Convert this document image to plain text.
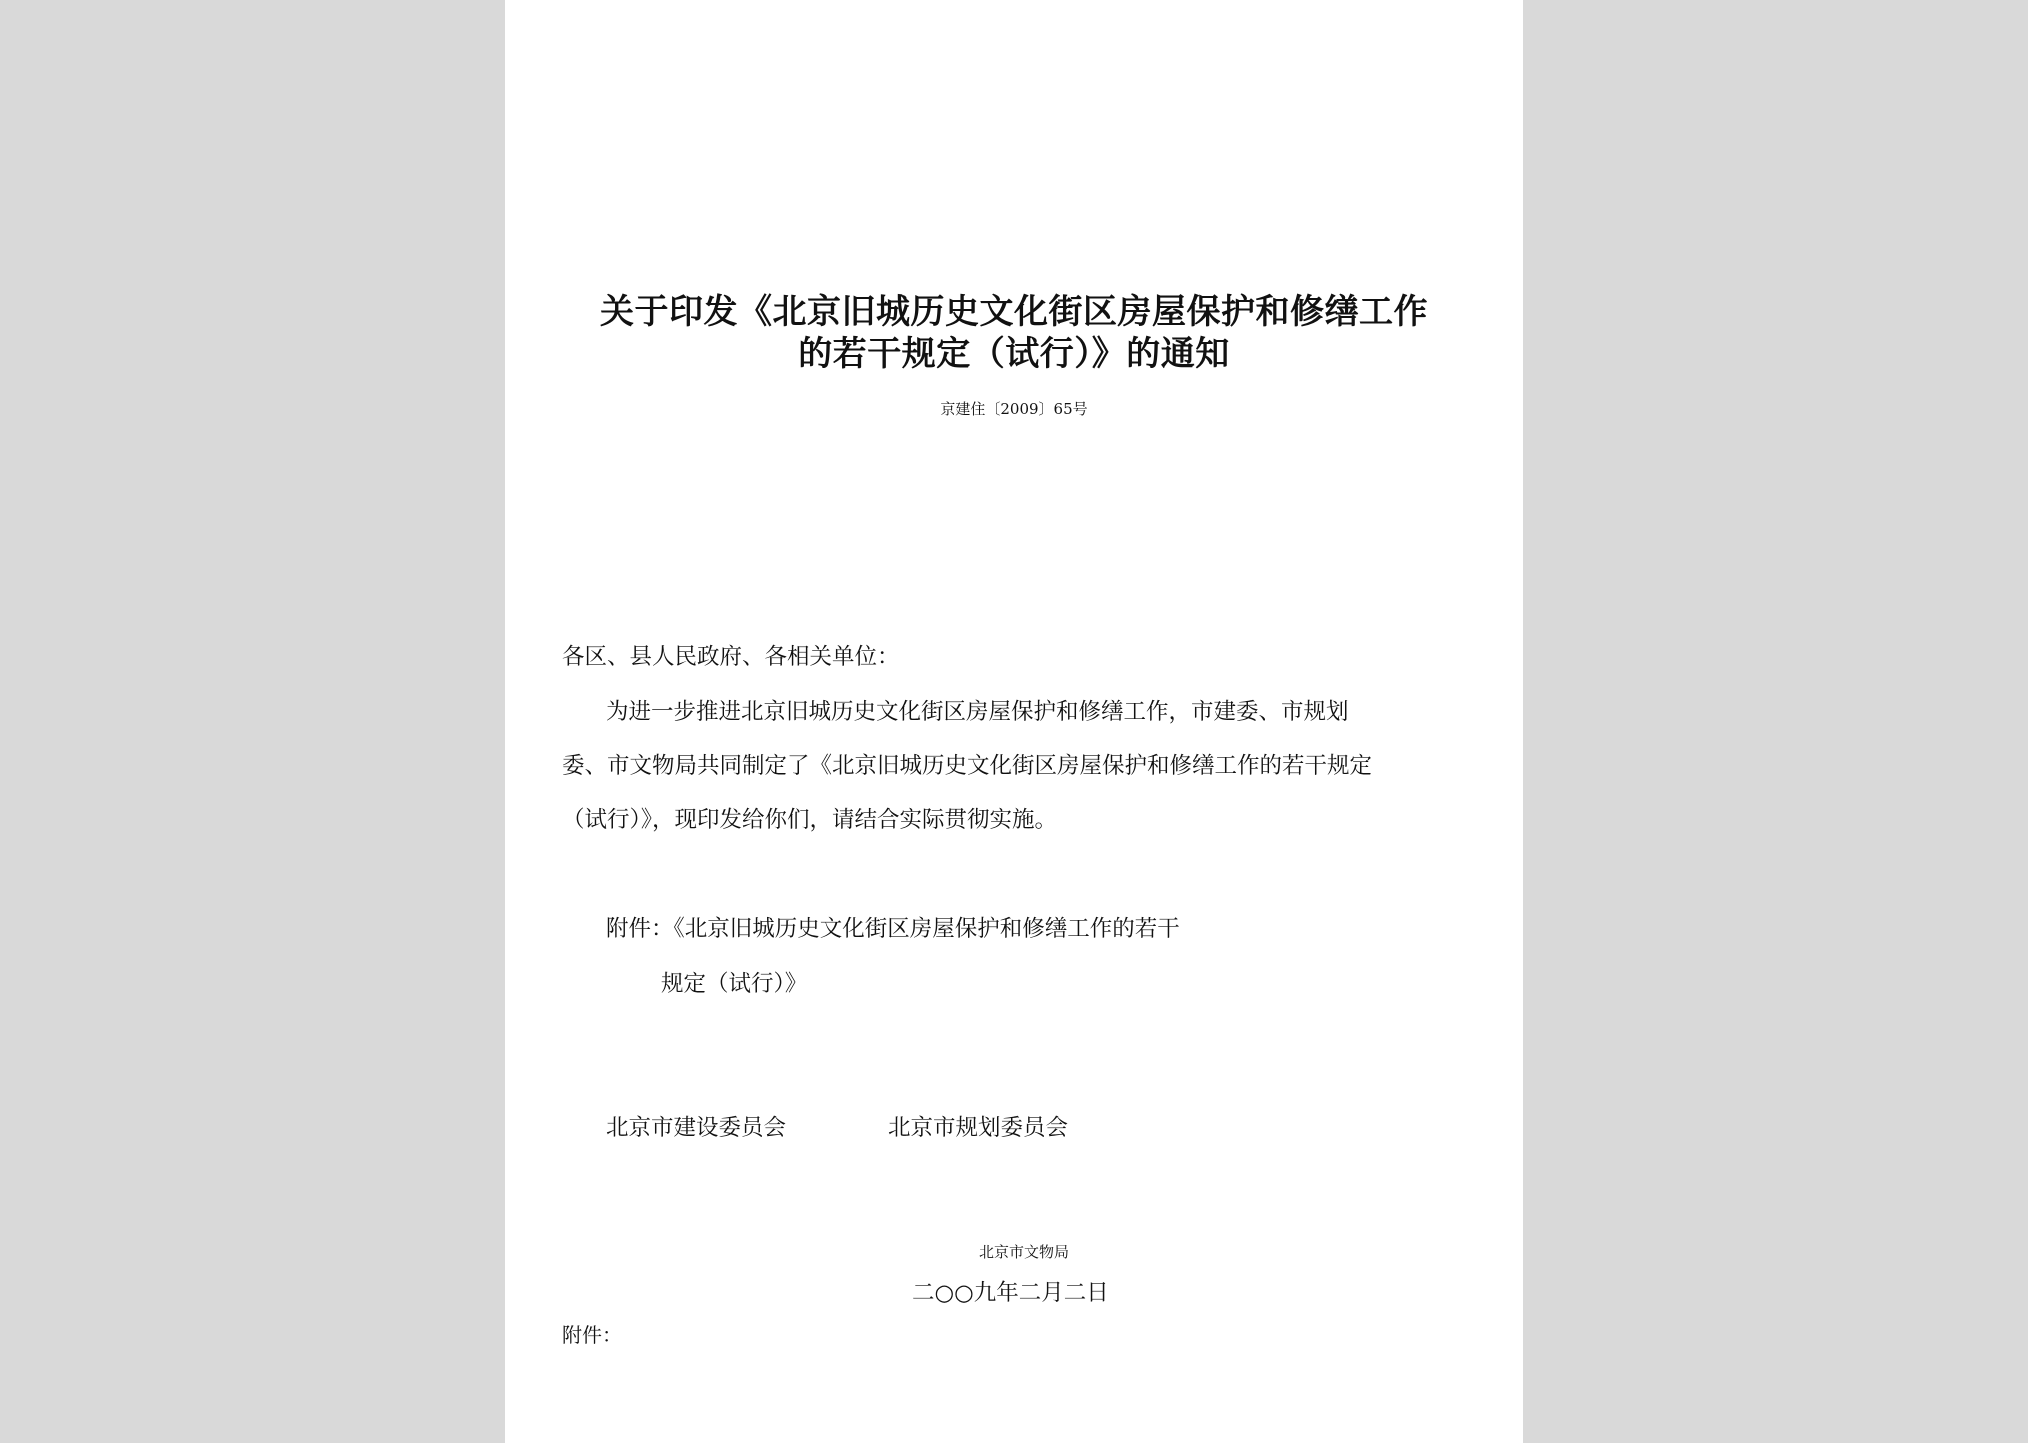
关于印发《北京旧城历史文化街区房屋保护和修缮工作
的若干规定（试行）》的通知
京建住〔2009〕65号
各区、县人民政府、各相关单位：
为进一步推进北京旧城历史文化街区房屋保护和修缮工作，市建委、市规划
委、市文物局共同制定了《北京旧城历史文化街区房屋保护和修缮工作的若干规定
（试行）》，现印发给你们，请结合实际贯彻实施。
附件：《北京旧城历史文化街区房屋保护和修缮工作的若干
规定（试行）》
北京市建设委员会	北京市规划委员会
北京市文物局
二○○九年二月二日
附件：
